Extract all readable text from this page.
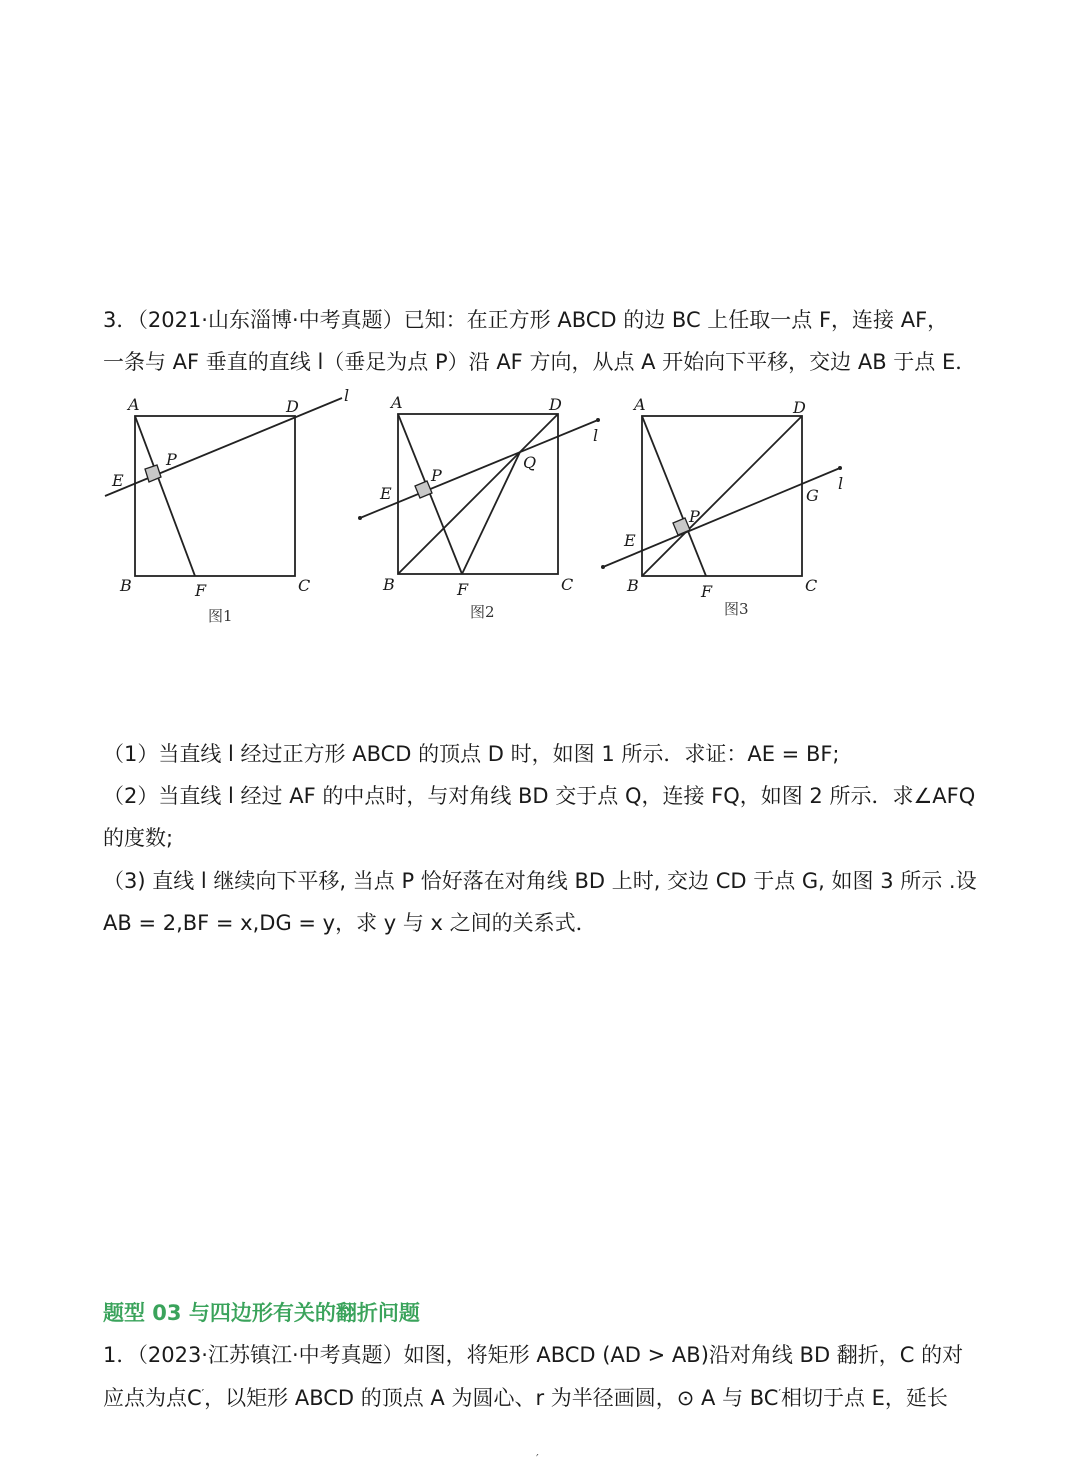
3．（2021·山东淄博·中考真题）已知：在正方形 ABCD 的边 BC 上任取一点 F，连接 AF，
一条与 AF 垂直的直线 l（垂足为点 P）沿 AF 方向，从点 A 开始向下平移，交边 AB 于点 E．
A	D
l
P
E
B	F	C
图1
A	D
l
Q
P
E
B	F	C
图2
A	D
l
G
P
E
B	F	C
图3
（1）当直线 l 经过正方形 ABCD 的顶点 D 时，如图 1 所示．求证：AE = BF;
（2）当直线 l 经过 AF 的中点时，与对角线 BD 交于点 Q，连接 FQ，如图 2 所示．求∠AFQ
的度数;
（3) 直线 l 继续向下平移, 当点 P 恰好落在对角线 BD 上时, 交边 CD 于点 G, 如图 3 所示 .设
AB = 2,BF = x,DG = y，求 y 与 x 之间的关系式．
题型 03 与四边形有关的翻折问题
1．（2023·江苏镇江·中考真题）如图，将矩形 ABCD (AD > AB)沿对角线 BD 翻折，C 的对
应点为点C′，以矩形 ABCD 的顶点 A 为圆心、r 为半径画圆，⊙ A 与 BC′相切于点 E，延长
′
